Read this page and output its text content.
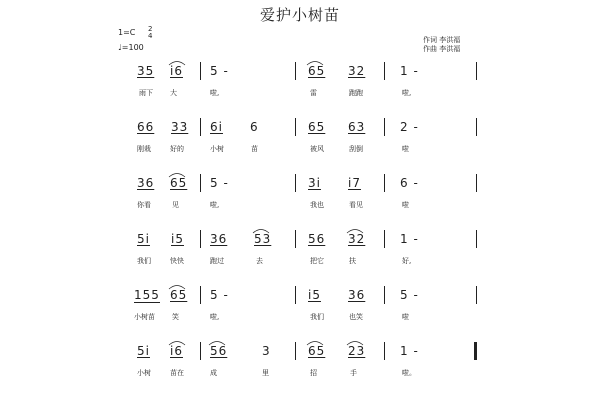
爱护小树苗
1=C 2
4
♩=100
作词 李洪福
作曲 李洪福
35 i6 5 -	65 32	1 -
雨下 大	啦,	雷	跑跑	啦,
66 33 6i 6	65 63	2 -
刚栽	好的	小树	苗	被风	刮倒	啦
36 65 5 -	3i i7	6 -
你看	见	啦,	我也	看见	啦
5i i5 36 53	56 32	1 -
我们	快快	跑过	去	把它	扶	好,
155 65 5 -	i5 36	5 -
小树苗 笑	啦,	我们	也笑	啦
5i i6 56	3	65 23	1 -
小树	苗在	成	里	招	手	啦。
